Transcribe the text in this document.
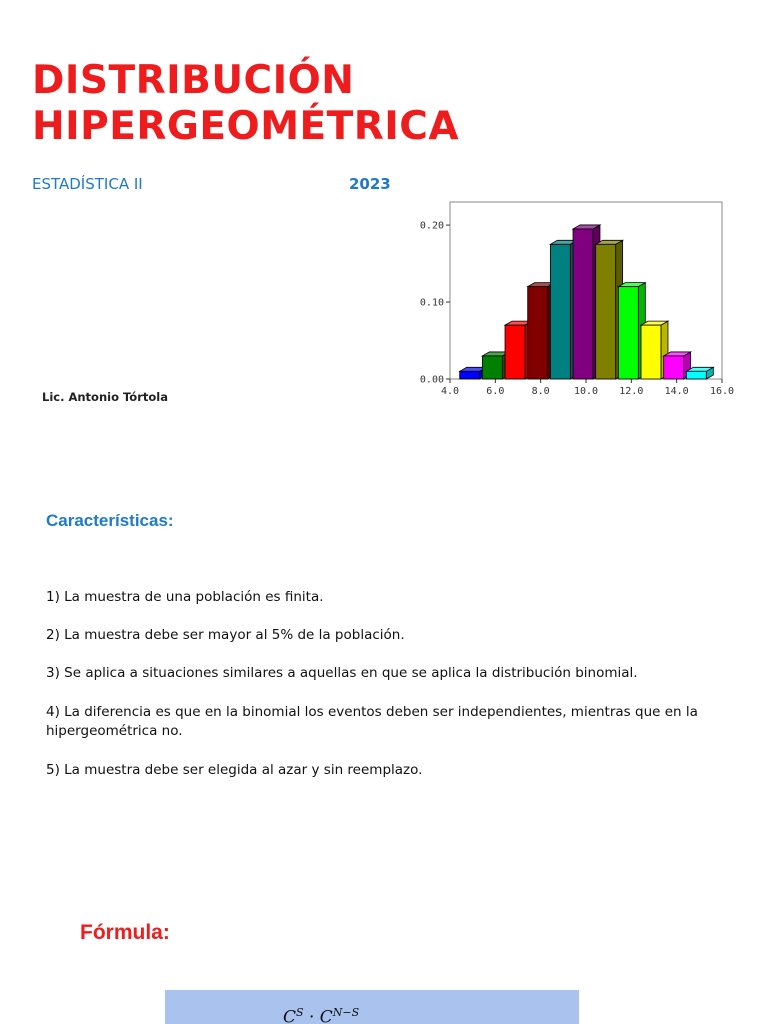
DISTRIBUCIÓN
HIPERGEOMÉTRICA
ESTADÍSTICA II	2023
Lic. Antonio Tórtola
0.00
0.10
0.20
4.0	6.0	8.0 10.0 12.0 14.0 16.0
Características:
1) La muestra de una población es finita.
2) La muestra debe ser mayor al 5% de la población.
3) Se aplica a situaciones similares a aquellas en que se aplica la distribución binomial.
4) La diferencia es que en la binomial los eventos deben ser independientes, mientras que en la hipergeométrica no.
5) La muestra debe ser elegida al azar y sin reemplazo.
Fórmula:
$C^S \cdot C^{N-S}$
